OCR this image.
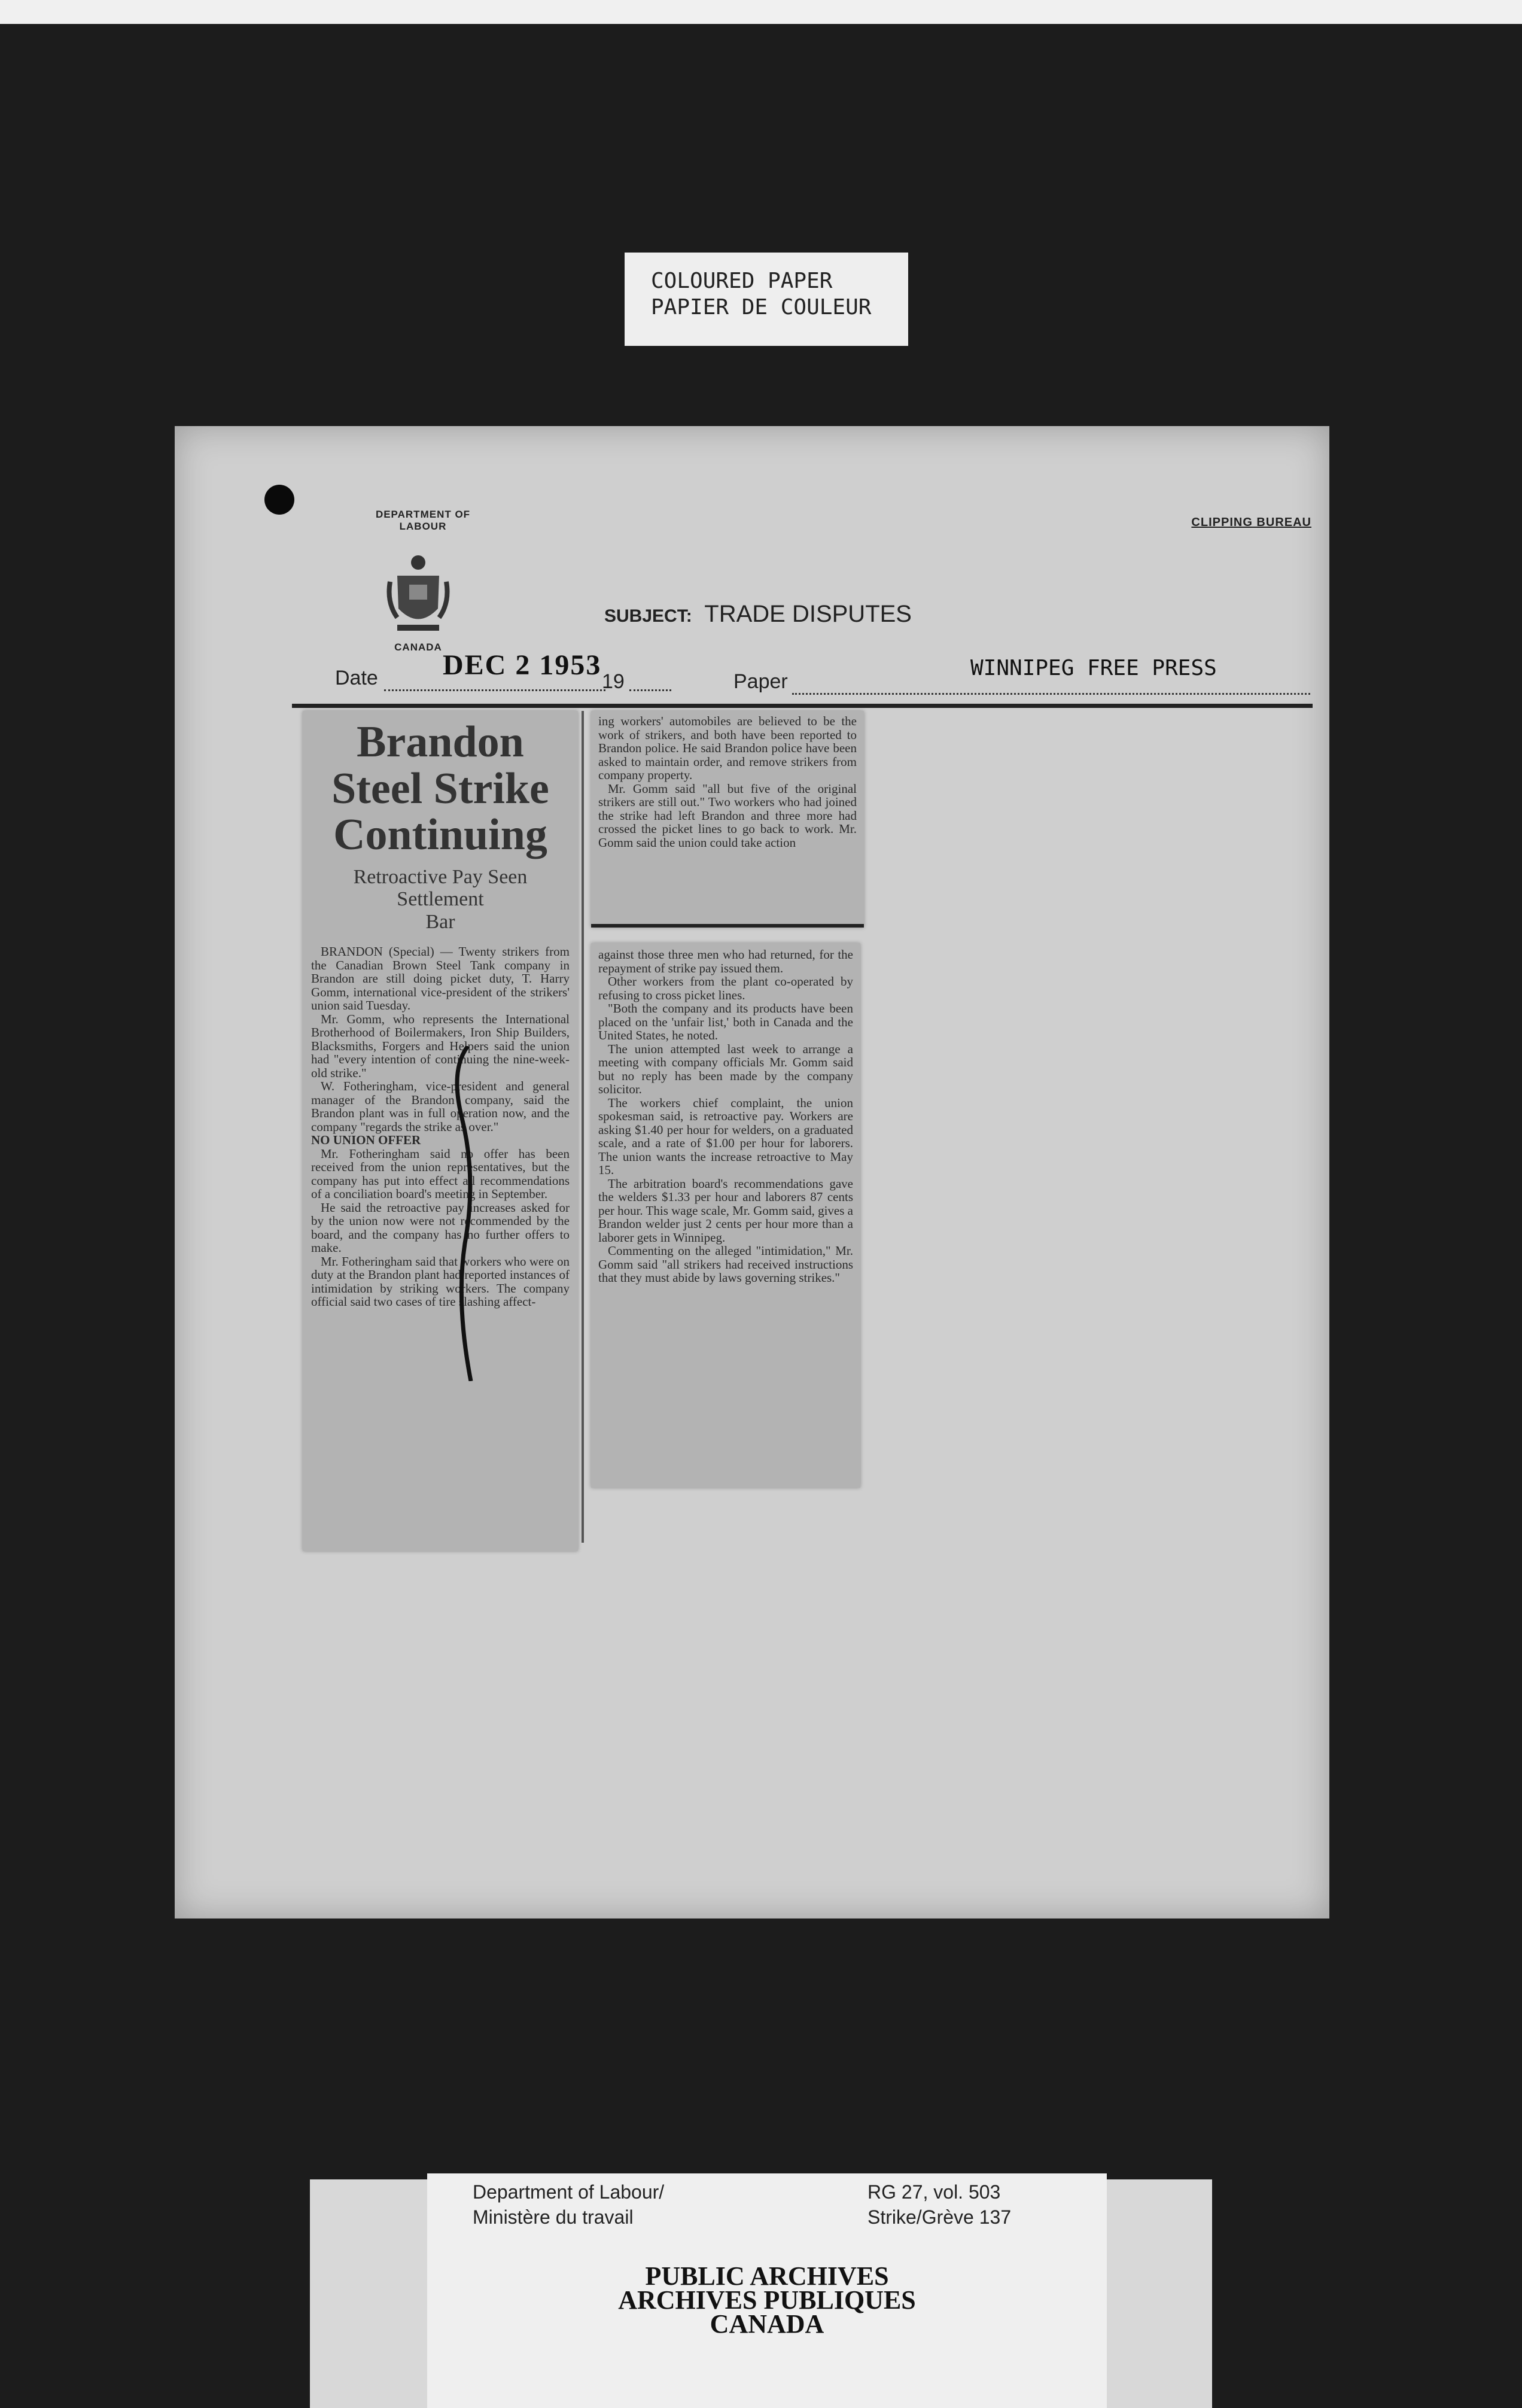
COLOURED PAPER
PAPIER DE COULEUR
DEPARTMENT OF
LABOUR
CANADA
CLIPPING BUREAU
SUBJECT: TRADE DISPUTES
Date DEC 2 1953
19	Paper
WINNIPEG FREE PRESS
Brandon
Steel Strike
Continuing
Retroactive Pay Seen
Settlement
Bar

BRANDON (Special) — Twenty strikers from the Canadian Brown Steel Tank company in Brandon are still doing picket duty, T. Harry Gomm, international vice-president of the strikers' union said Tuesday.

Mr. Gomm, who represents the International Brotherhood of Boilermakers, Iron Ship Builders, Blacksmiths, Forgers and Helpers said the union had "every intention of continuing the nine-week-old strike."

W. Fotheringham, vice-president and general manager of the Brandon company, said the Brandon plant was in full operation now, and the company "regards the strike as over."

NO UNION OFFER

Mr. Fotheringham said no offer has been received from the union representatives, but the company has put into effect all recommendations of a conciliation board's meeting in September.

He said the retroactive pay increases asked for by the union now were not recommended by the board, and the company has no further offers to make.

Mr. Fotheringham said that workers who were on duty at the Brandon plant had reported instances of intimidation by striking workers. The company official said two cases of tire slashing affect-

ing workers' automobiles are believed to be the work of strikers, and both have been reported to Brandon police. He said Brandon police have been asked to maintain order, and remove strikers from company property.

Mr. Gomm said "all but five of the original strikers are still out." Two workers who had joined the strike had left Brandon and three more had crossed the picket lines to go back to work. Mr. Gomm said the union could take action

against those three men who had returned, for the repayment of strike pay issued them.

Other workers from the plant co-operated by refusing to cross picket lines.

"Both the company and its products have been placed on the 'unfair list,' both in Canada and the United States, he noted.

The union attempted last week to arrange a meeting with company officials Mr. Gomm said but no reply has been made by the company solicitor.

The workers chief complaint, the union spokesman said, is retroactive pay. Workers are asking $1.40 per hour for welders, on a graduated scale, and a rate of $1.00 per hour for laborers. The union wants the increase retroactive to May 15.

The arbitration board's recommendations gave the welders $1.33 per hour and laborers 87 cents per hour. This wage scale, Mr. Gomm said, gives a Brandon welder just 2 cents per hour more than a laborer gets in Winnipeg.

Commenting on the alleged "intimidation," Mr. Gomm said "all strikers had received instructions that they must abide by laws governing strikes."

Department of Labour/
Ministère du travail
RG 27, vol. 503
Strike/Grève 137
PUBLIC ARCHIVES
ARCHIVES PUBLIQUES
CANADA
